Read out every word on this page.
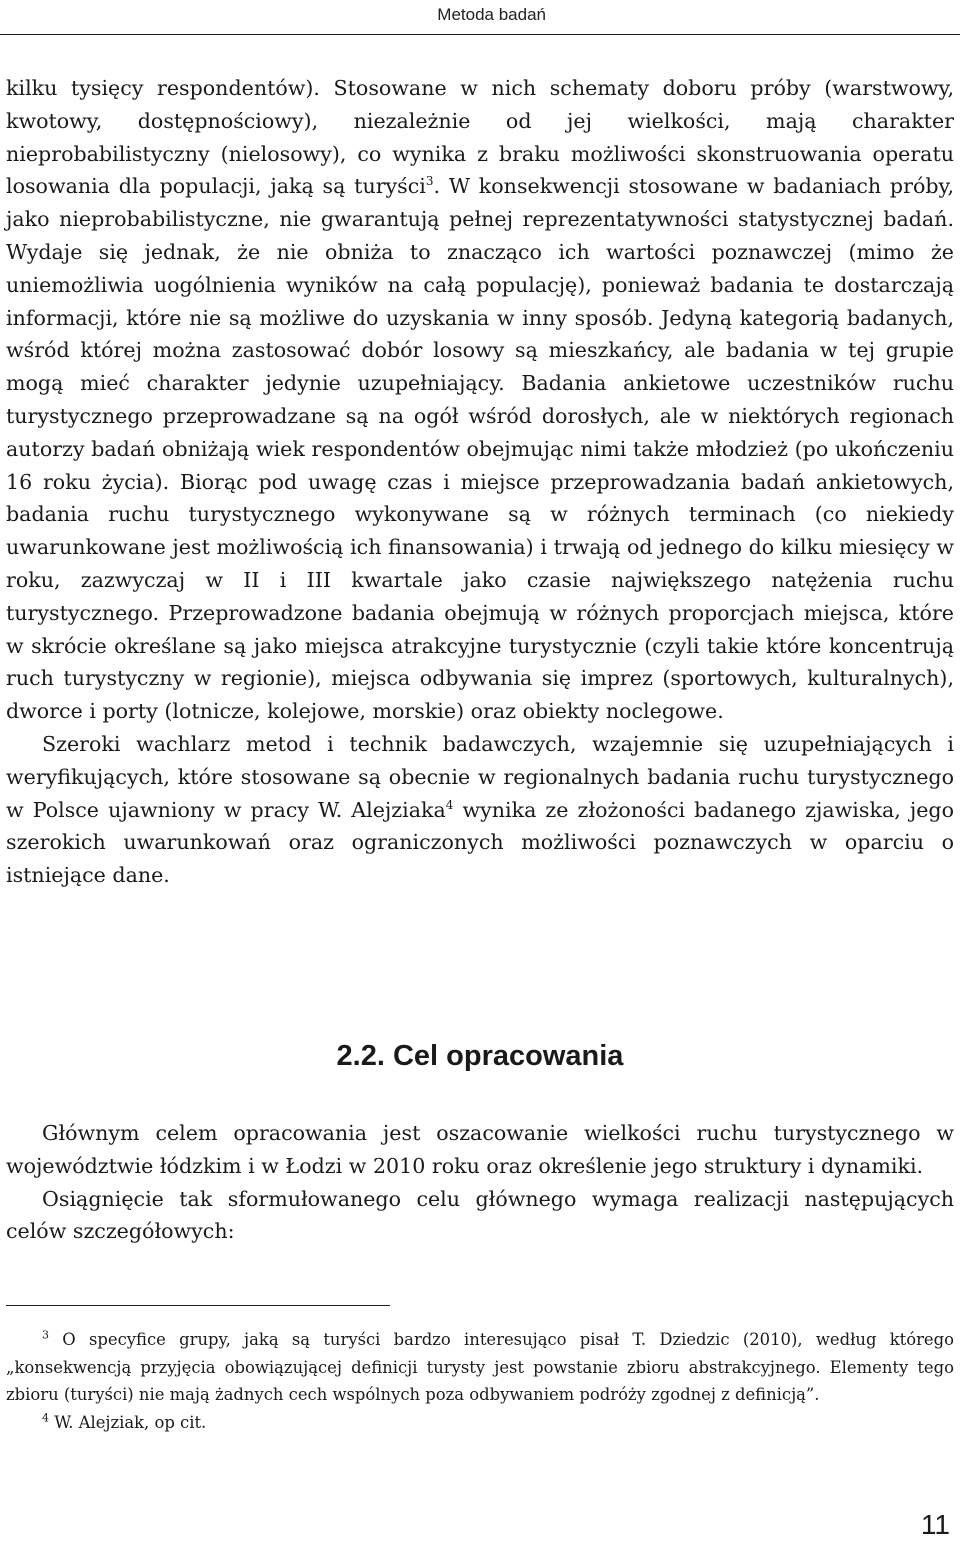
Metoda badań

kilku tysięcy respondentów). Stosowane w nich schematy doboru próby (warstwowy, kwotowy, dostępnościowy), niezależnie od jej wielkości, mają charakter nieprobabilistyczny (nielosowy), co wynika z braku możliwości skonstruowania operatu losowania dla populacji, jaką są turyści$^3$. W konsekwencji stosowane w badaniach próby, jako nieprobabilistyczne, nie gwarantują pełnej reprezentatywności statystycznej badań. Wydaje się jednak, że nie obniża to znacząco ich wartości poznawczej (mimo że uniemożliwia uogólnienia wyników na całą populację), ponieważ badania te dostarczają informacji, które nie są możliwe do uzyskania w inny sposób. Jedyną kategorią badanych, wśród której można zastosować dobór losowy są mieszkańcy, ale badania w tej grupie mogą mieć charakter jedynie uzupełniający. Badania ankietowe uczestników ruchu turystycznego przeprowadzane są na ogół wśród dorosłych, ale w niektórych regionach autorzy badań obniżają wiek respondentów obejmując nimi także młodzież (po ukończeniu 16 roku życia). Biorąc pod uwagę czas i miejsce przeprowadzania badań ankietowych, badania ruchu turystycznego wykonywane są w różnych terminach (co niekiedy uwarunkowane jest możliwością ich finansowania) i trwają od jednego do kilku miesięcy w roku, zazwyczaj w II i III kwartale jako czasie największego natężenia ruchu turystycznego. Przeprowadzone badania obejmują w różnych proporcjach miejsca, które w skrócie określane są jako miejsca atrakcyjne turystycznie (czyli takie które koncentrują ruch turystyczny w regionie), miejsca odbywania się imprez (sportowych, kulturalnych), dworce i porty (lotnicze, kolejowe, morskie) oraz obiekty noclegowe.

Szeroki wachlarz metod i technik badawczych, wzajemnie się uzupełniających i weryfikujących, które stosowane są obecnie w regionalnych badania ruchu turystycznego w Polsce ujawniony w pracy W. Alejziaka$^4$ wynika ze złożoności badanego zjawiska, jego szerokich uwarunkowań oraz ograniczonych możliwości poznawczych w oparciu o istniejące dane.

2.2. Cel opracowania

Głównym celem opracowania jest oszacowanie wielkości ruchu turystycznego w województwie łódzkim i w Łodzi w 2010 roku oraz określenie jego struktury i dynamiki.

Osiągnięcie tak sformułowanego celu głównego wymaga realizacji następujących celów szczegółowych:

$^3$ O specyfice grupy, jaką są turyści bardzo interesująco pisał T. Dziedzic (2010), według którego „konsekwencją przyjęcia obowiązującej definicji turysty jest powstanie zbioru abstrakcyjnego. Elementy tego zbioru (turyści) nie mają żadnych cech wspólnych poza odbywaniem podróży zgodnej z definicją”.

$^4$ W. Alejziak, op cit.

11
